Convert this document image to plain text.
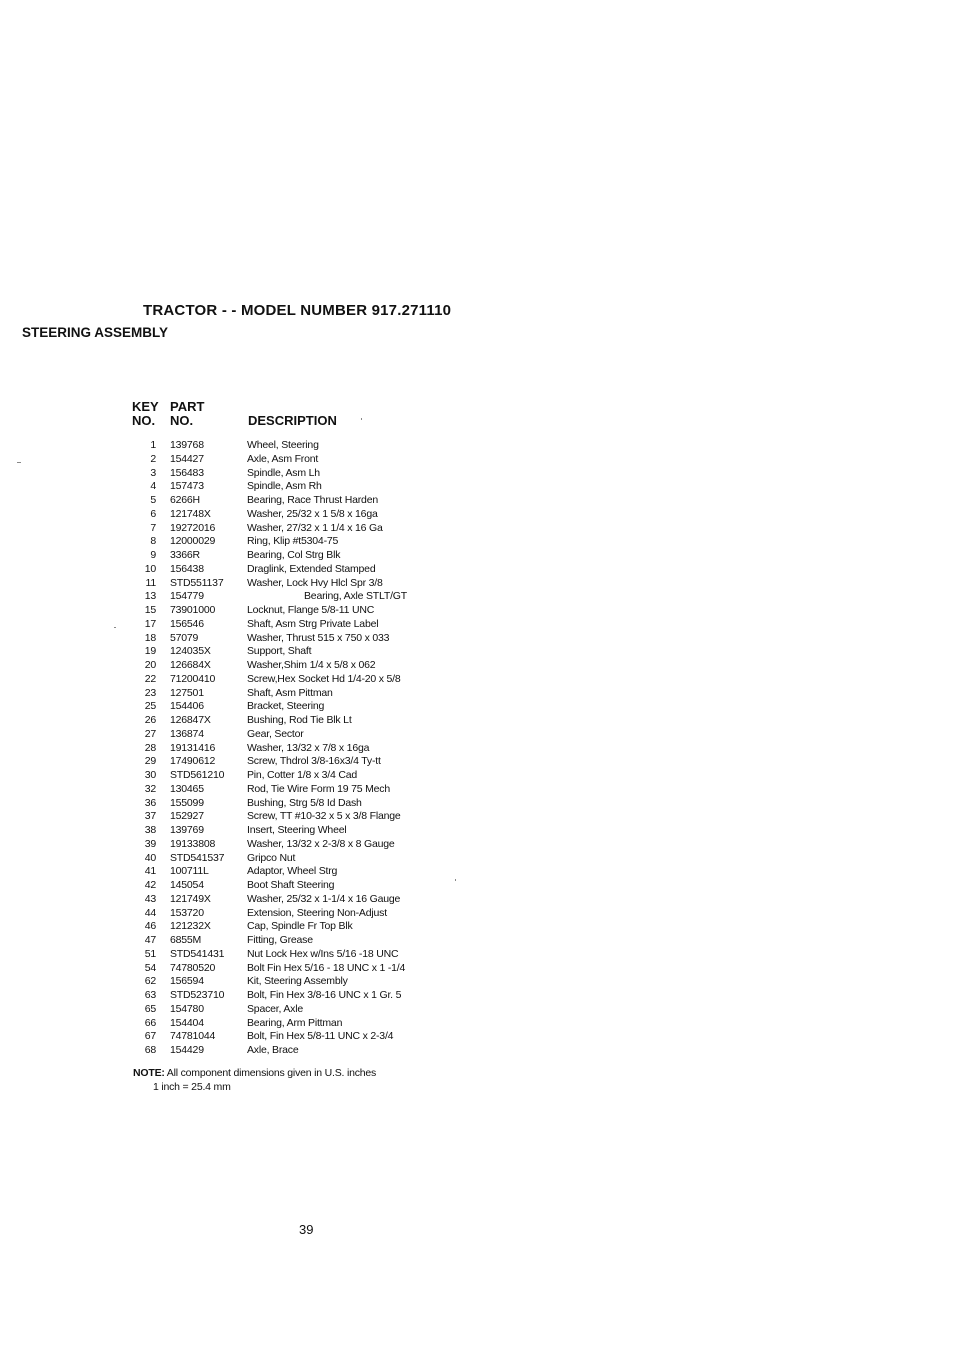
TRACTOR - - MODEL NUMBER 917.271110
STEERING ASSEMBLY
KEY
NO.
PART
NO.	DESCRIPTION
1	139768	Wheel, Steering
2	154427	Axle, Asm Front
3	156483	Spindle, Asm Lh
4	157473	Spindle, Asm Rh
5	6266H	Bearing, Race Thrust Harden
6	121748X	Washer, 25/32 x 1 5/8 x 16ga
7	19272016	Washer, 27/32 x 1 1/4 x 16 Ga
8	12000029	Ring, Klip #t5304-75
9	3366R	Bearing, Col Strg Blk
10	156438	Draglink, Extended Stamped
11	STD551137	Washer, Lock Hvy Hlcl Spr 3/8
13	154779	Bearing, Axle STLT/GT
15	73901000	Locknut, Flange 5/8-11 UNC
17	156546	Shaft, Asm Strg Private Label
18	57079	Washer, Thrust 515 x 750 x 033
19	124035X	Support, Shaft
20	126684X	Washer,Shim 1/4 x 5/8 x 062
22	71200410	Screw,Hex Socket Hd 1/4-20 x 5/8
23	127501	Shaft, Asm Pittman
25	154406	Bracket, Steering
26	126847X	Bushing, Rod Tie Blk Lt
27	136874	Gear, Sector
28	19131416	Washer, 13/32 x 7/8 x 16ga
29	17490612	Screw, Thdrol 3/8-16x3/4 Ty-tt
30	STD561210	Pin, Cotter 1/8 x 3/4 Cad
32	130465	Rod, Tie Wire Form 19 75 Mech
36	155099	Bushing, Strg 5/8 Id Dash
37	152927	Screw, TT #10-32 x 5 x 3/8 Flange
38	139769	Insert, Steering Wheel
39	19133808	Washer, 13/32 x 2-3/8 x 8 Gauge
40	STD541537	Gripco Nut
41	100711L	Adaptor, Wheel Strg
42	145054	Boot Shaft Steering
43	121749X	Washer, 25/32 x 1-1/4 x 16 Gauge
44	153720	Extension, Steering Non-Adjust
46	121232X	Cap, Spindle Fr Top Blk
47	6855M	Fitting, Grease
51	STD541431	Nut Lock Hex w/Ins 5/16 -18 UNC
54	74780520	Bolt Fin Hex 5/16 - 18 UNC x 1 -1/4
62	156594	Kit, Steering Assembly
63	STD523710	Bolt, Fin Hex 3/8-16 UNC x 1 Gr. 5
65	154780	Spacer, Axle
66	154404	Bearing, Arm Pittman
67	74781044	Bolt, Fin Hex 5/8-11 UNC x 2-3/4
68	154429	Axle, Brace
NOTE: All component dimensions given in U.S. inches
1 inch = 25.4 mm
39
